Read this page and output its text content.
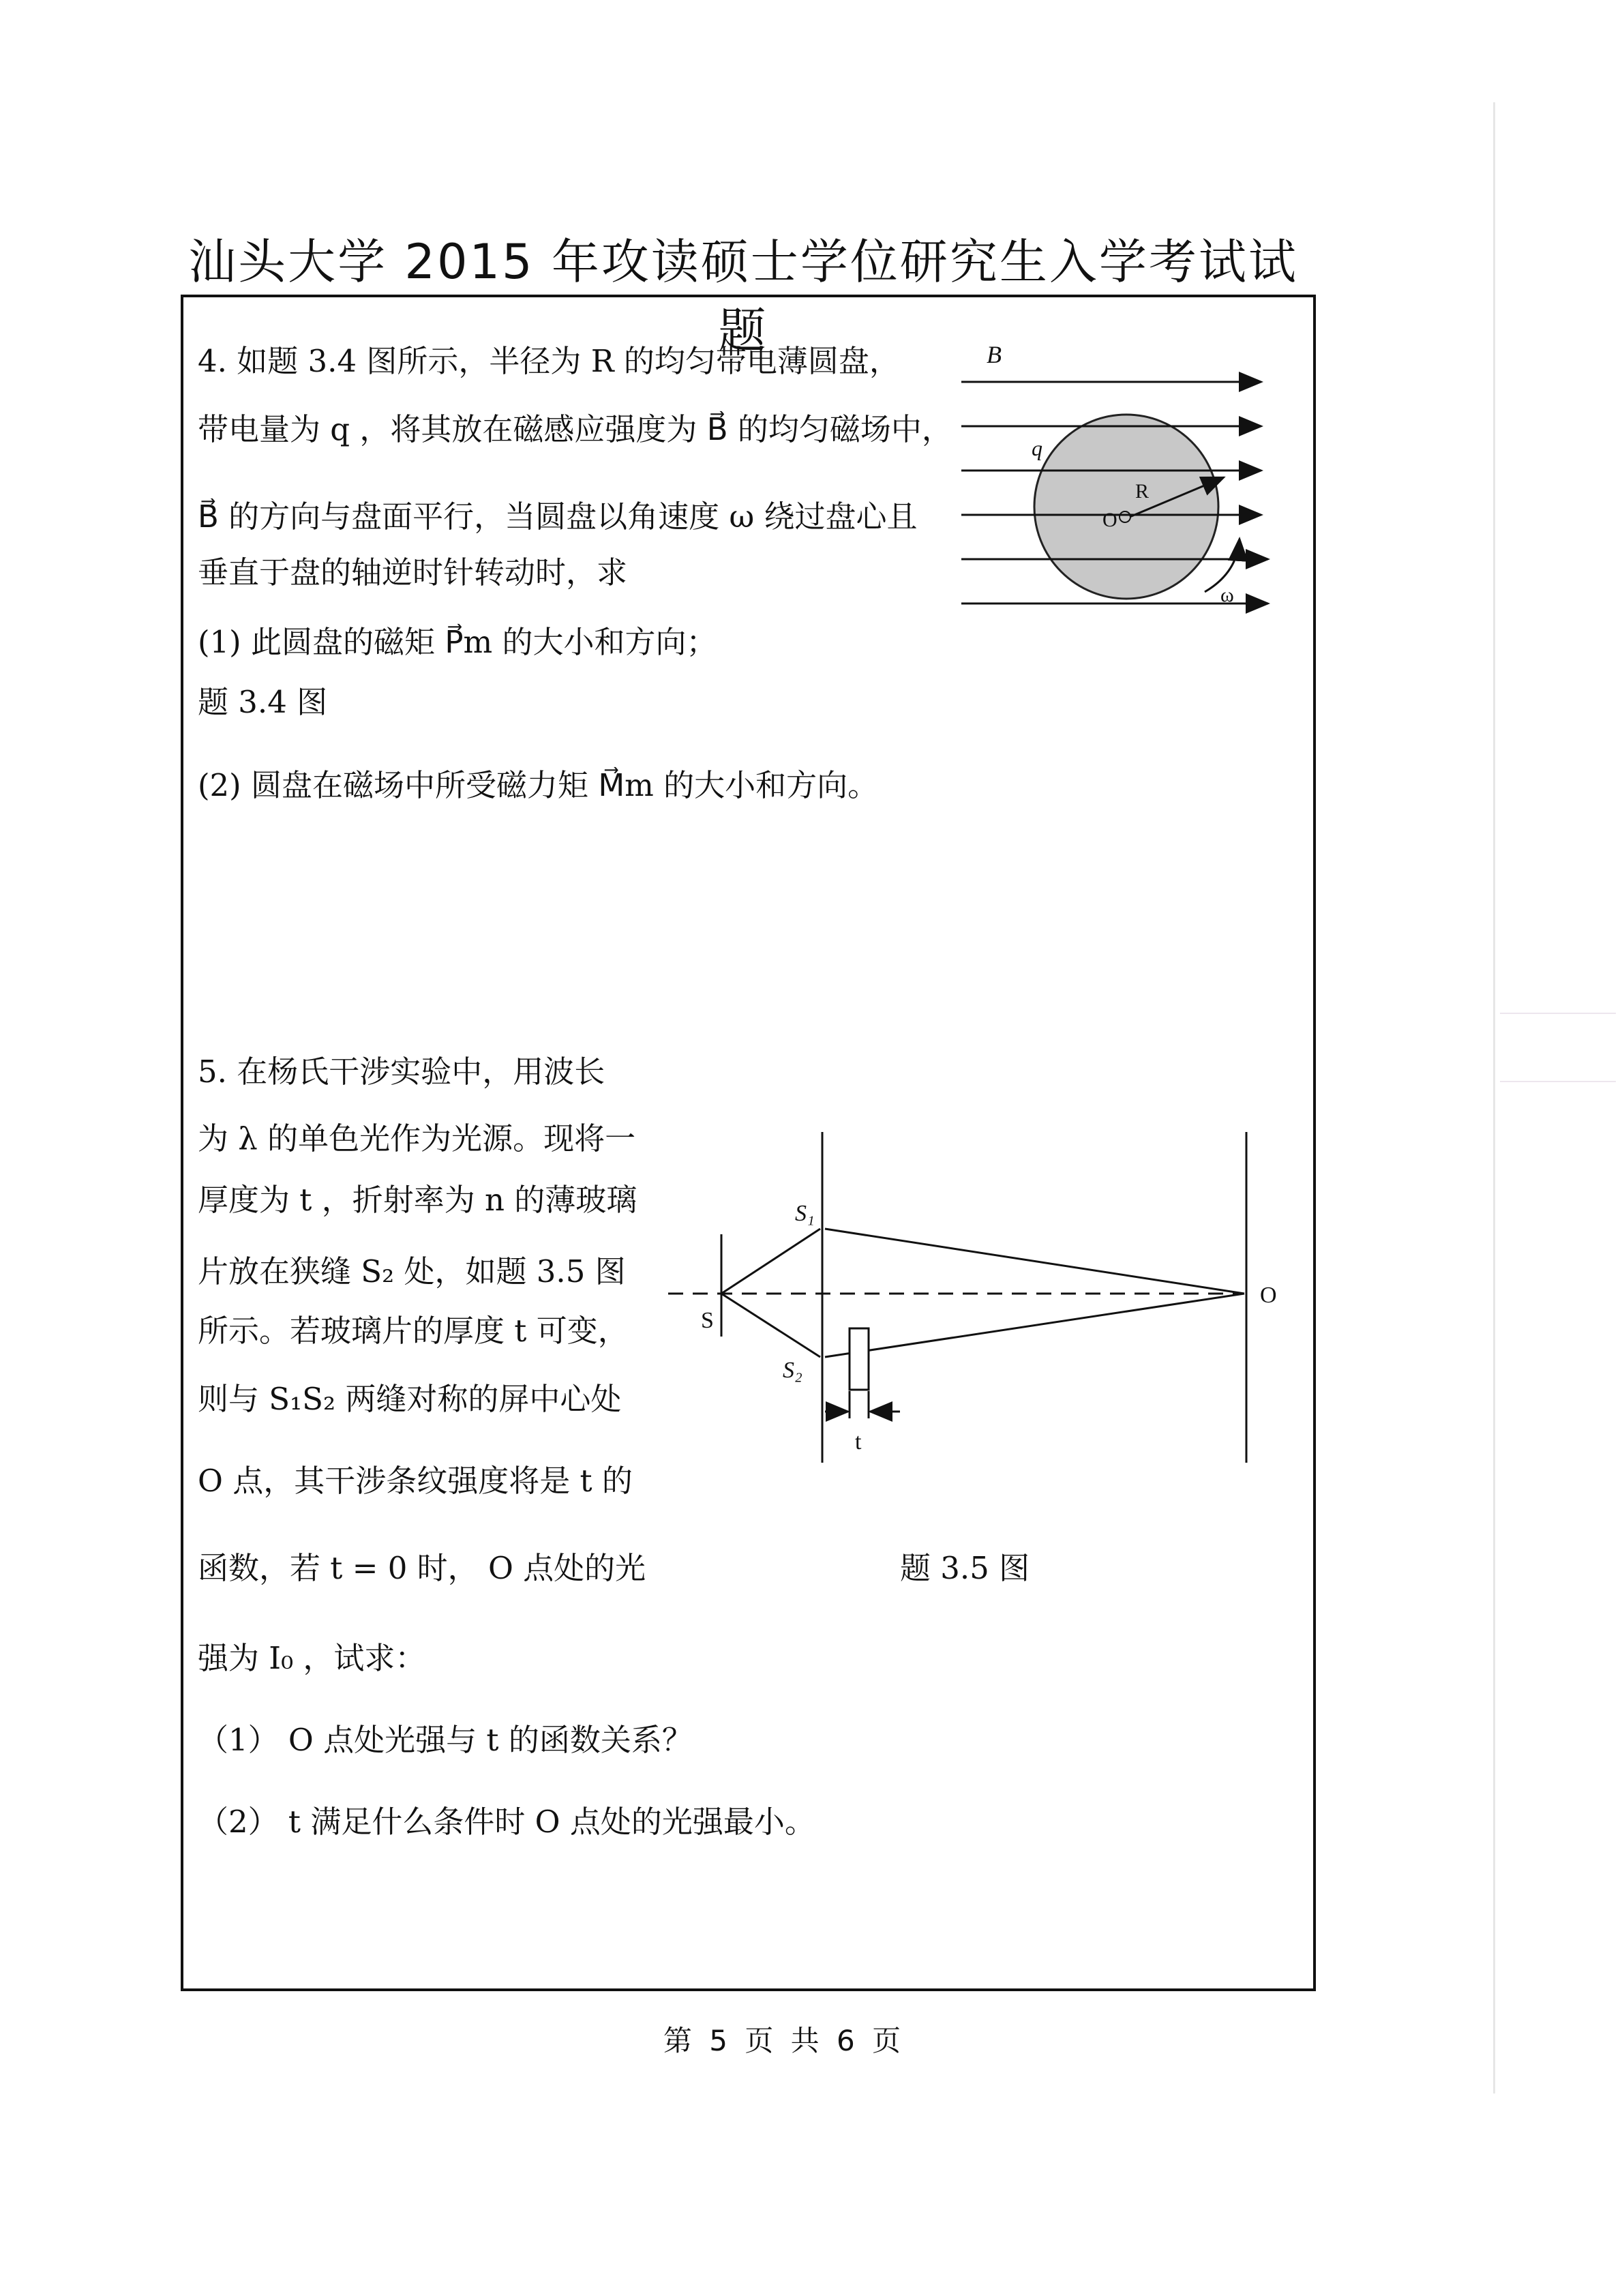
汕头大学 2015 年攻读硕士学位研究生入学考试试题
4. 如题 3.4 图所示，半径为 R 的均匀带电薄圆盘，
带电量为 q ，将其放在磁感应强度为 B⃗ 的均匀磁场中，
B⃗ 的方向与盘面平行，当圆盘以角速度 ω 绕过盘心且
垂直于盘的轴逆时针转动时，求
(1) 此圆盘的磁矩 P⃗m 的大小和方向；
题 3.4 图
(2) 圆盘在磁场中所受磁力矩 M⃗m 的大小和方向。
B⃗
q
R
O
ω
5. 在杨氏干涉实验中，用波长
为 λ 的单色光作为光源。现将一
厚度为 t ，折射率为 n 的薄玻璃
片放在狭缝 S₂ 处，如题 3.5 图
所示。若玻璃片的厚度 t 可变，
则与 S₁S₂ 两缝对称的屏中心处
O 点，其干涉条纹强度将是 t 的
函数，若 t = 0 时， O 点处的光
强为 I₀ ，试求：
（1） O 点处光强与 t 的函数关系？
（2） t 满足什么条件时 O 点处的光强最小。
题 3.5 图
S₁
S
S₂
O
t
第 5 页 共 6 页
